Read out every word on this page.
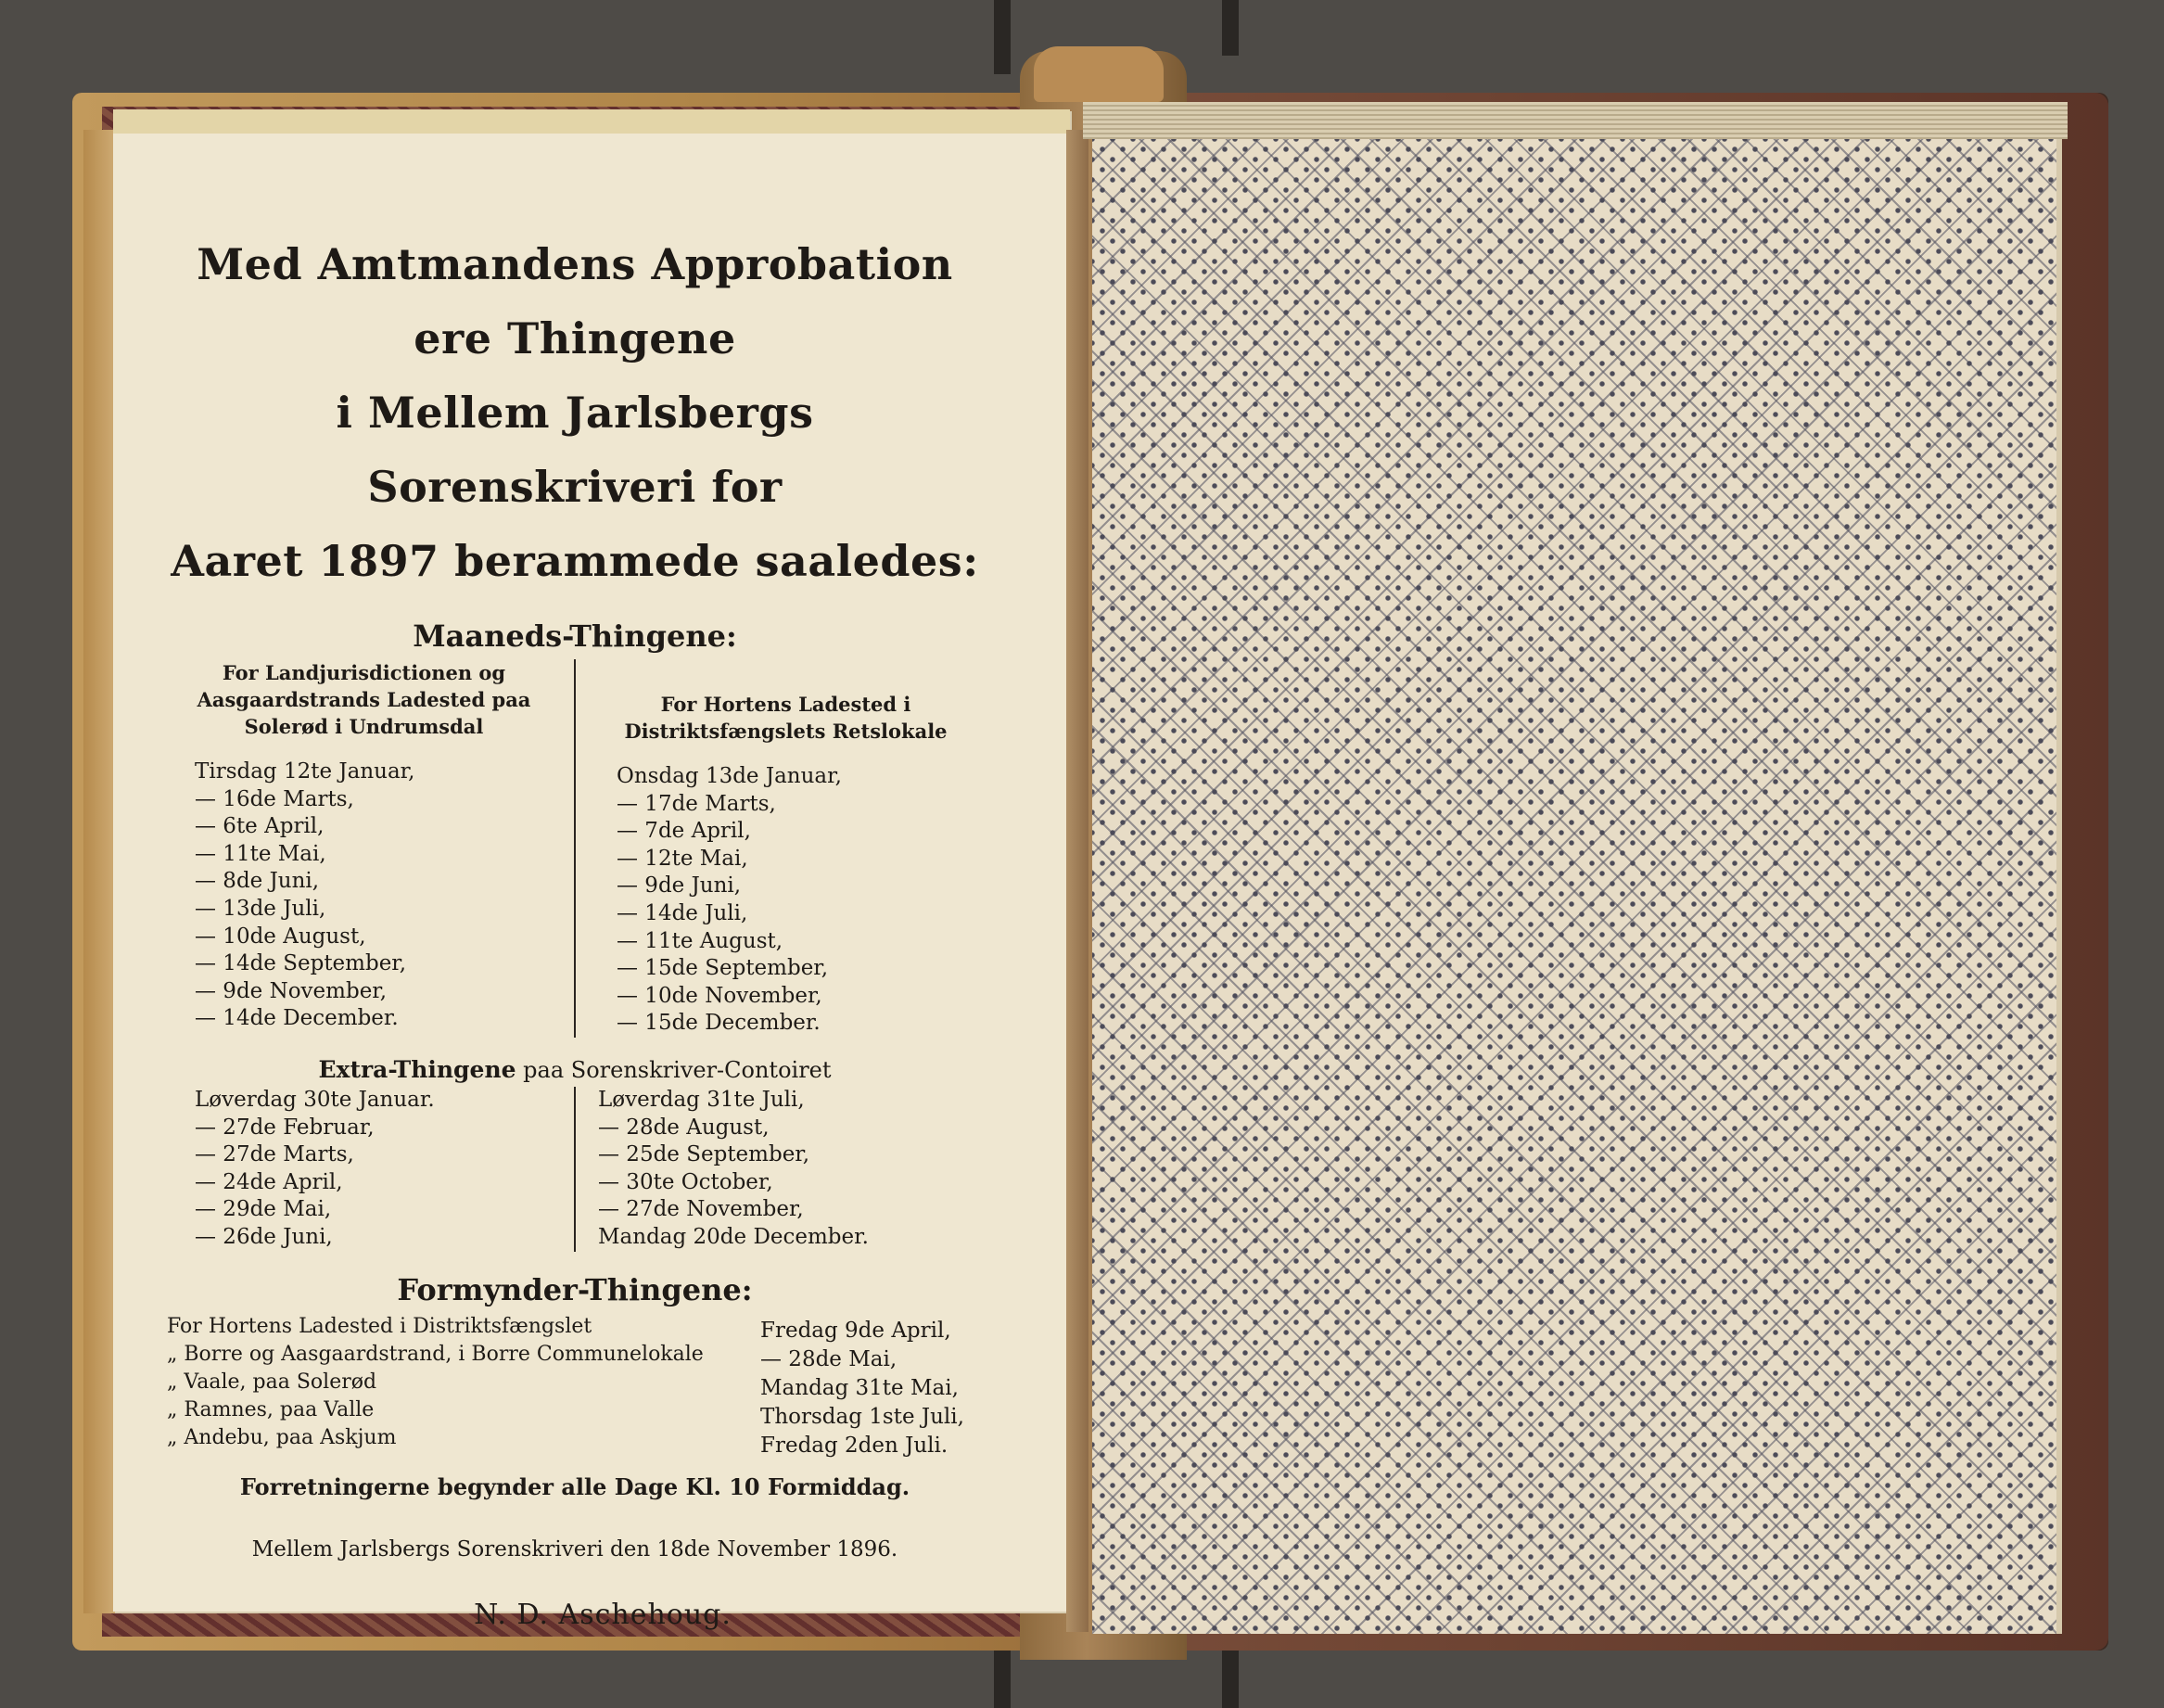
Med Amtmandens Approbation ere Thingene
i Mellem Jarlsbergs Sorenskriveri for
Aaret 1897 berammede saaledes:
Maaneds-Thingene:
For Landjurisdictionen og Aasgaardstrands Ladested paa Solerød i Undrumsdal
Tirsdag 12te Januar,
— 16de Marts,
— 6te April,
— 11te Mai,
— 8de Juni,
— 13de Juli,
— 10de August,
— 14de September,
— 9de November,
— 14de December.
For Hortens Ladested i Distriktsfængslets Retslokale
Onsdag 13de Januar,
— 17de Marts,
— 7de April,
— 12te Mai,
— 9de Juni,
— 14de Juli,
— 11te August,
— 15de September,
— 10de November,
— 15de December.
Extra-Thingene paa Sorenskriver-Contoiret
Løverdag 30te Januar.
— 27de Februar,
— 27de Marts,
— 24de April,
— 29de Mai,
— 26de Juni,
Løverdag 31te Juli,
— 28de August,
— 25de September,
— 30te October,
— 27de November,
Mandag 20de December.
Formynder-Thingene:
For Hortens Ladested i Distriktsfængslet
„ Borre og Aasgaardstrand, i Borre Communelokale
„ Vaale, paa Solerød
„ Ramnes, paa Valle
„ Andebu, paa Askjum
Fredag 9de April,
— 28de Mai,
Mandag 31te Mai,
Thorsdag 1ste Juli,
Fredag 2den Juli.
Forretningerne begynder alle Dage Kl. 10 Formiddag.
Mellem Jarlsbergs Sorenskriveri den 18de November 1896.
N. D. Aschehoug.
